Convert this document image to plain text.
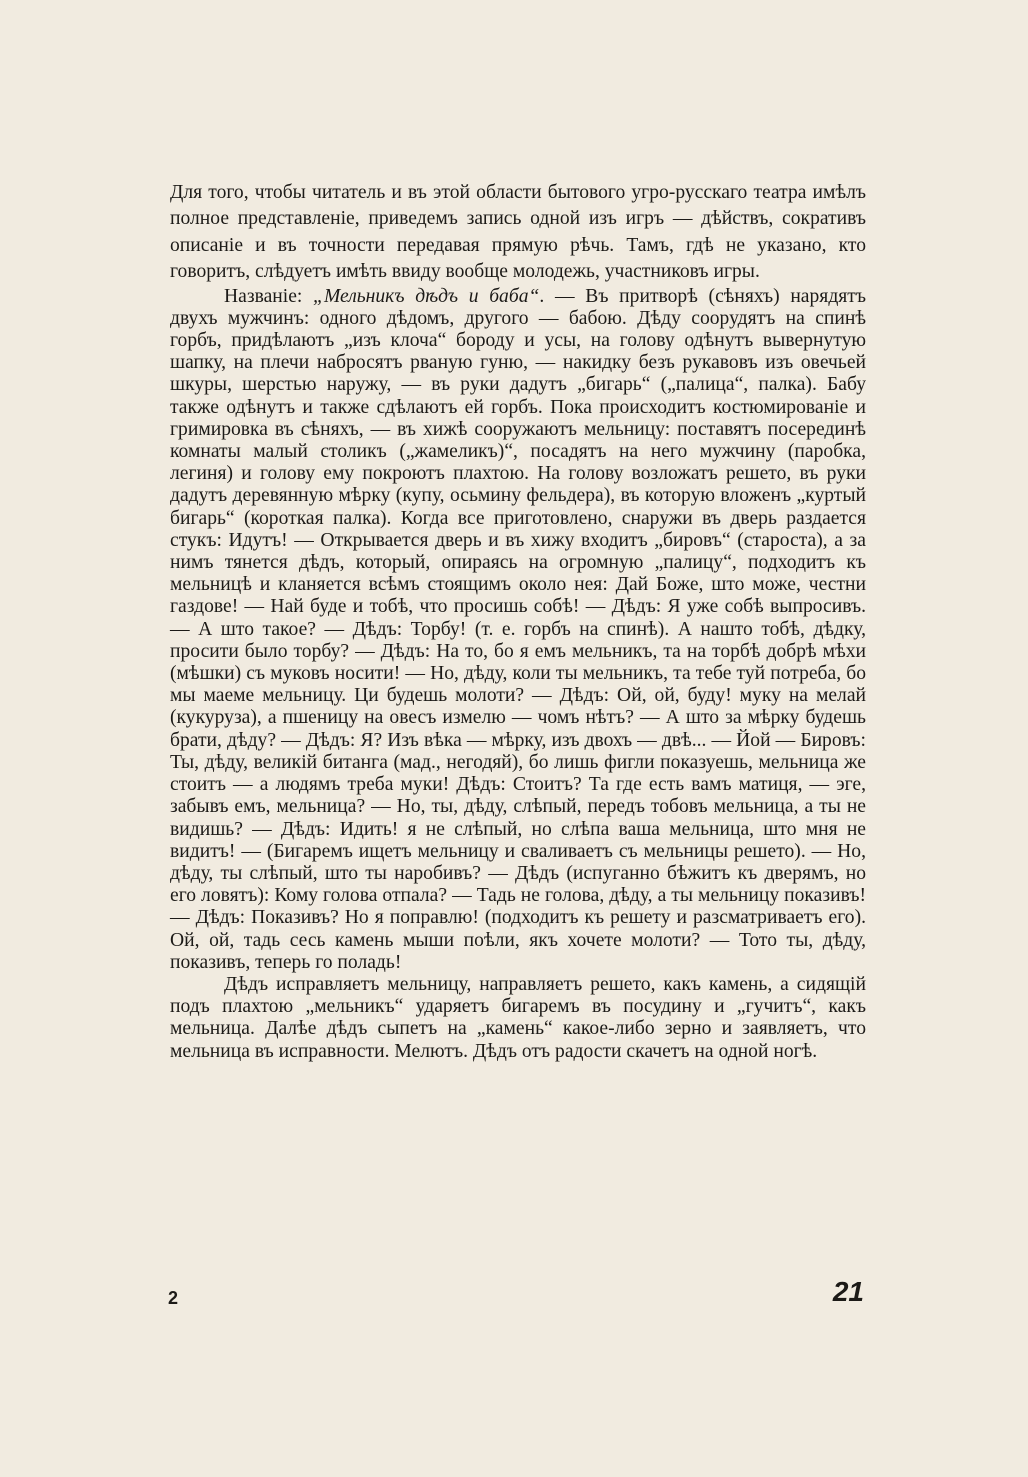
Для того, чтобы читатель и въ этой области бытового угро-русскаго театра имѣлъ полное представленіе, приведемъ запись одной изъ игръ — дѣйствъ, сокративъ описаніе и въ точности передавая прямую рѣчь. Тамъ, гдѣ не указано, кто говоритъ, слѣдуетъ имѣть ввиду вообще молодежь, участниковъ игры.

Названіе: „Мельникъ дѣдъ и баба“. — Въ притворѣ (сѣняхъ) нарядятъ двухъ мужчинъ: одного дѣдомъ, другого — бабою. Дѣду соорудятъ на спинѣ горбъ, придѣлаютъ „изъ клоча“ бороду и усы, на голову одѣнутъ вывернутую шапку, на плечи набросятъ рваную гуню, — накидку безъ рукавовъ изъ овечьей шкуры, шерстью наружу, — въ руки дадутъ „бигарь“ („палица“, палка). Бабу также одѣнутъ и также сдѣлаютъ ей горбъ. Пока происходитъ костюмированіе и гримировка въ сѣняхъ, — въ хижѣ сооружаютъ мельницу: поставятъ посерединѣ комнаты малый столикъ („жамеликъ)“, посадятъ на него мужчину (паробка, легиня) и голову ему покроютъ плахтою. На голову возложатъ решето, въ руки дадутъ деревянную мѣрку (купу, осьмину фельдера), въ которую вложенъ „куртый бигарь“ (короткая палка). Когда все приготовлено, снаружи въ дверь раздается стукъ: Идутъ! — Открывается дверь и въ хижу входитъ „бировъ“ (староста), а за нимъ тянется дѣдъ, который, опираясь на огромную „палицу“, подходитъ къ мельницѣ и кланяется всѣмъ стоящимъ около нея: Дай Боже, што може, честни газдове! — Най буде и тобѣ, что просишь собѣ! — Дѣдъ: Я уже собѣ выпросивъ. — А што такое? — Дѣдъ: Торбу! (т. е. горбъ на спинѣ). А нашто тобѣ, дѣдку, просити было торбу? — Дѣдъ: На то, бо я емъ мельникъ, та на торбѣ добрѣ мѣхи (мѣшки) съ муковъ носити! — Но, дѣду, коли ты мельникъ, та тебе туй потреба, бо мы маеме мельницу. Ци будешь молоти? — Дѣдъ: Ой, ой, буду! муку на мелай (кукуруза), а пшеницу на овесъ измелю — чомъ нѣтъ? — А што за мѣрку будешь брати, дѣду? — Дѣдъ: Я? Изъ вѣка — мѣрку, изъ двохъ — двѣ... — Йой — Бировъ: Ты, дѣду, великій битанга (мад., негодяй), бо лишь фигли показуешь, мельница же стоитъ — а людямъ треба муки! Дѣдъ: Стоитъ? Та где есть вамъ матиця, — эге, забывъ емъ, мельница? — Но, ты, дѣду, слѣпый, передъ тобовъ мельница, а ты не видишь? — Дѣдъ: Идить! я не слѣпый, но слѣпа ваша мельница, што мня не видитъ! — (Бигаремъ ищетъ мельницу и сваливаетъ съ мельницы решето). — Но, дѣду, ты слѣпый, што ты наробивъ? — Дѣдъ (испуганно бѣжитъ къ дверямъ, но его ловятъ): Кому голова отпала? — Тадь не голова, дѣду, а ты мельницу показивъ! — Дѣдъ: Показивъ? Но я поправлю! (подходитъ къ решету и разсматриваетъ его). Ой, ой, тадь сесь камень мыши поѣли, якъ хочете молоти? — Тото ты, дѣду, показивъ, теперь го поладь!

Дѣдъ исправляетъ мельницу, направляетъ решето, какъ камень, а сидящій подъ плахтою „мельникъ“ ударяетъ бигаремъ въ посудину и „гучитъ“, какъ мельница. Далѣе дѣдъ сыпетъ на „камень“ какое-либо зерно и заявляетъ, что мельница въ исправности. Мелютъ. Дѣдъ отъ радости скачетъ на одной ногѣ.

2	21
